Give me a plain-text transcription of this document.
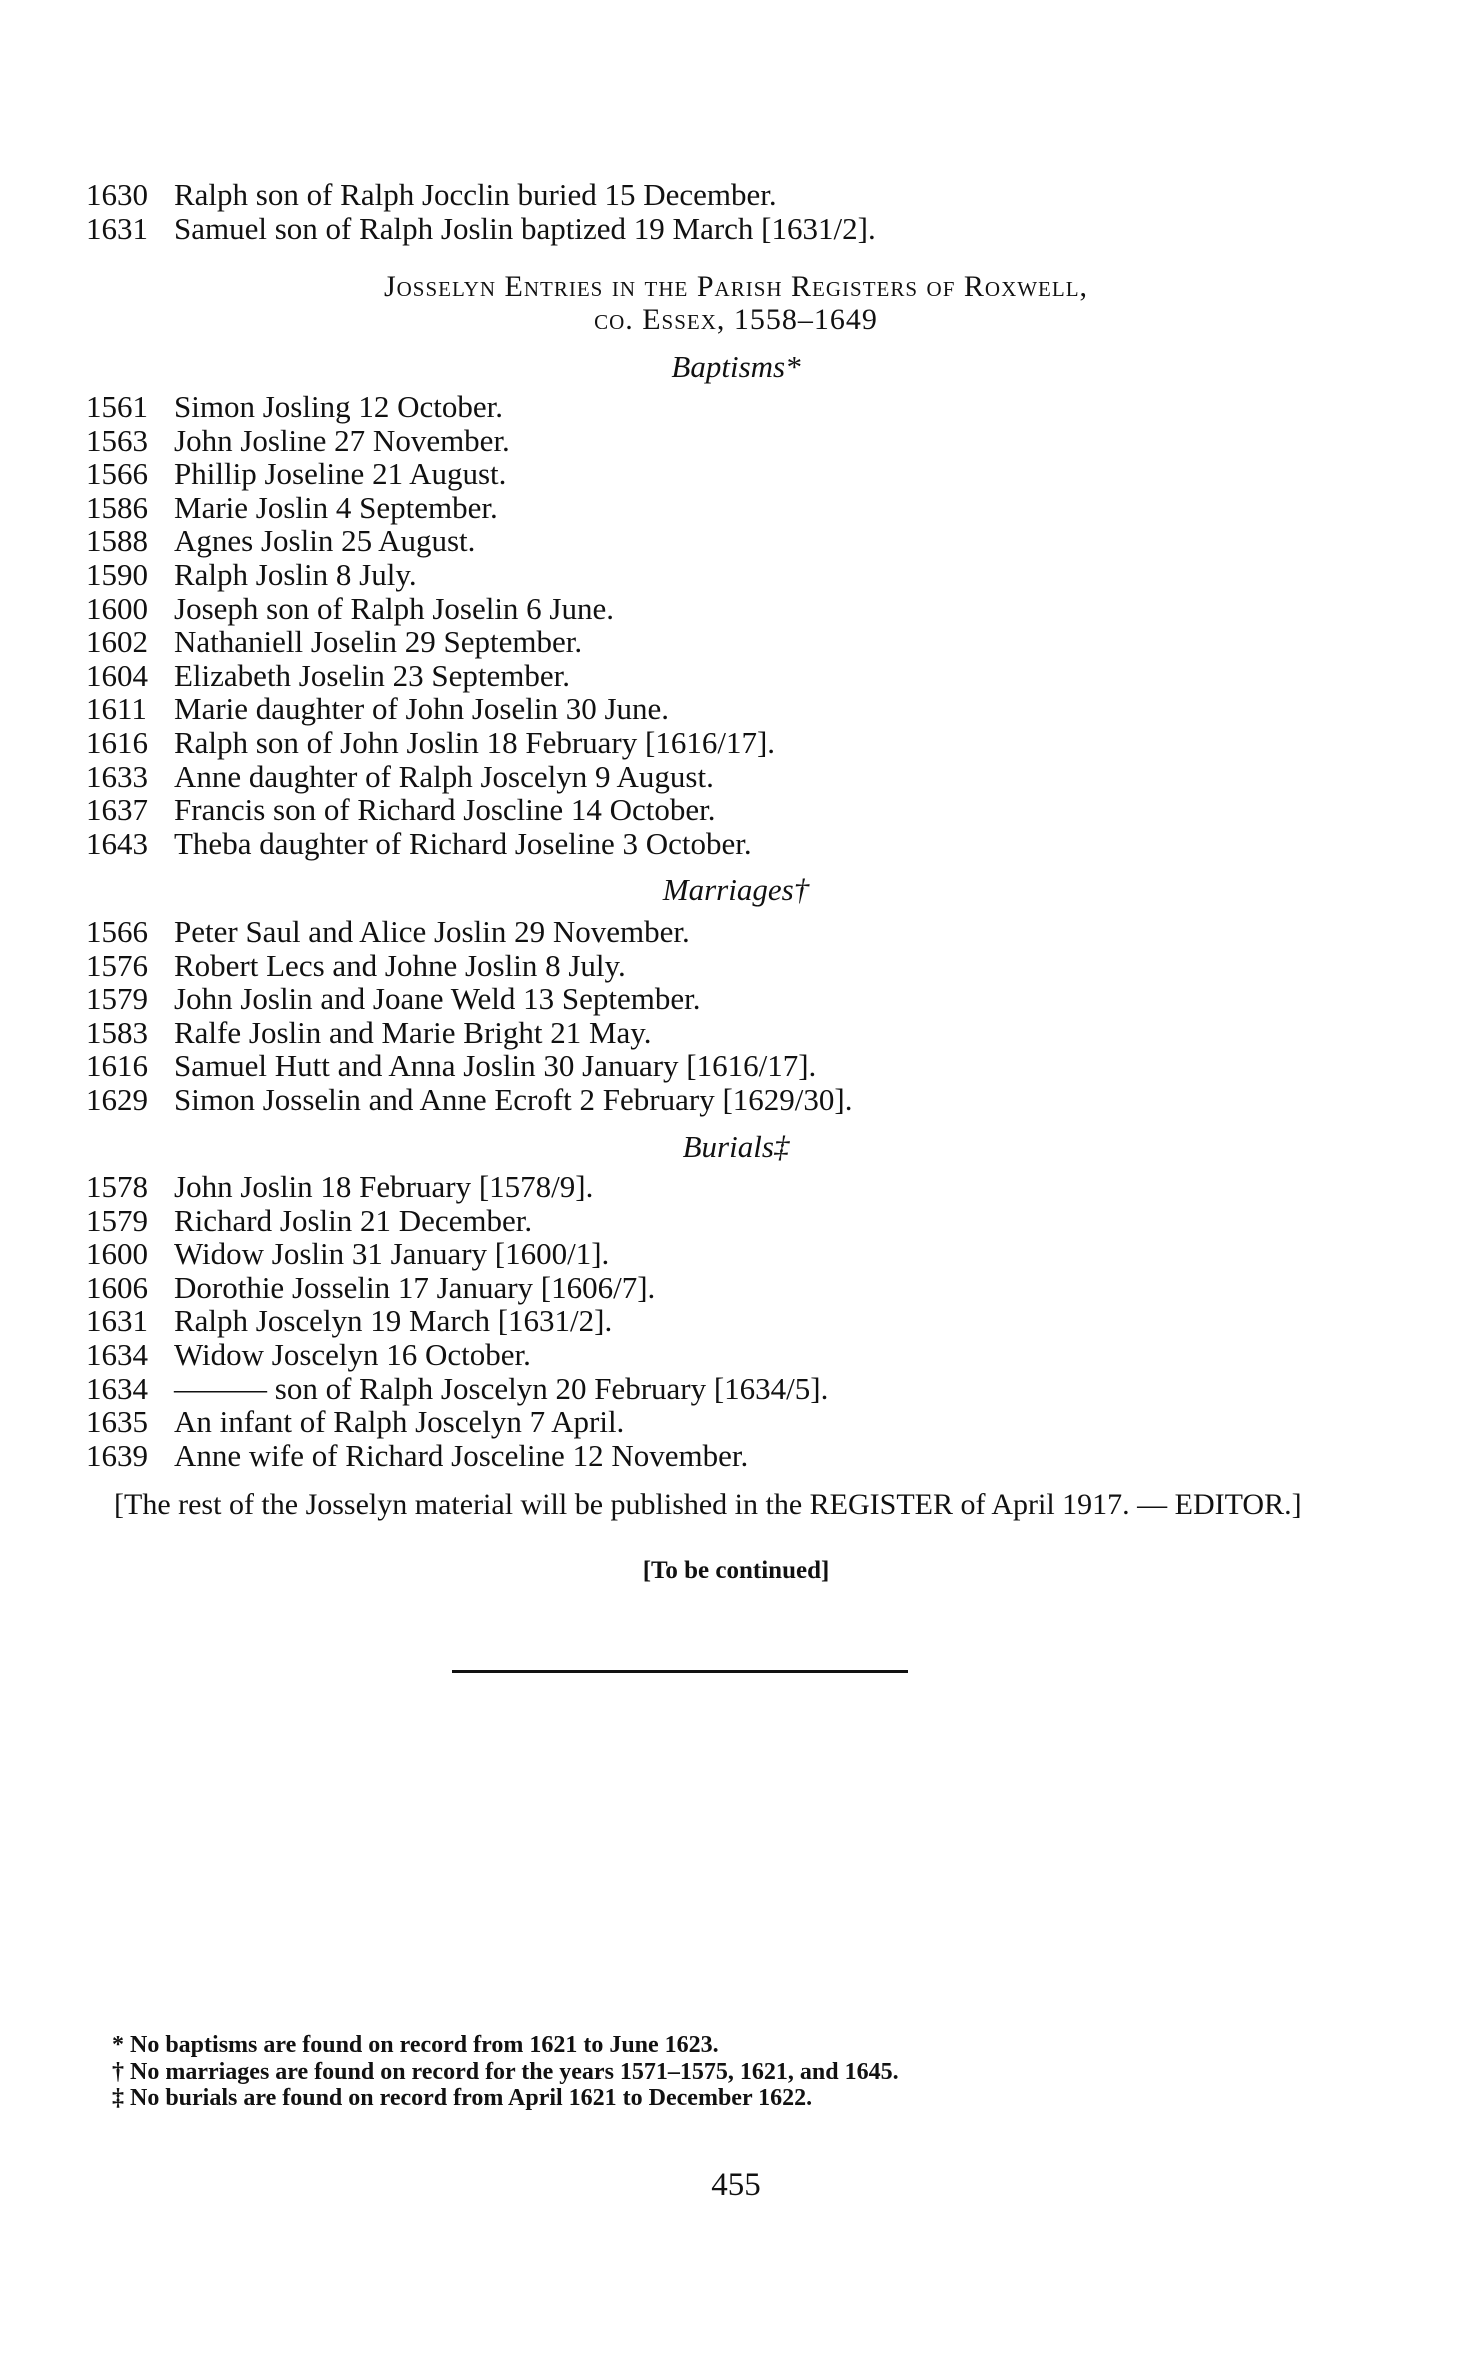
1630 Ralph son of Ralph Jocclin buried 15 December.
1631 Samuel son of Ralph Joslin baptized 19 March [1631/2].
Josselyn Entries in the Parish Registers of Roxwell,
co. Essex, 1558–1649
Baptisms*
1561 Simon Josling 12 October.
1563 John Josline 27 November.
1566 Phillip Joseline 21 August.
1586 Marie Joslin 4 September.
1588 Agnes Joslin 25 August.
1590 Ralph Joslin 8 July.
1600 Joseph son of Ralph Joselin 6 June.
1602 Nathaniell Joselin 29 September.
1604 Elizabeth Joselin 23 September.
1611 Marie daughter of John Joselin 30 June.
1616 Ralph son of John Joslin 18 February [1616/17].
1633 Anne daughter of Ralph Joscelyn 9 August.
1637 Francis son of Richard Joscline 14 October.
1643 Theba daughter of Richard Joseline 3 October.
Marriages†
1566 Peter Saul and Alice Joslin 29 November.
1576 Robert Lecs and Johne Joslin 8 July.
1579 John Joslin and Joane Weld 13 September.
1583 Ralfe Joslin and Marie Bright 21 May.
1616 Samuel Hutt and Anna Joslin 30 January [1616/17].
1629 Simon Josselin and Anne Ecroft 2 February [1629/30].
Burials‡
1578 John Joslin 18 February [1578/9].
1579 Richard Joslin 21 December.
1600 Widow Joslin 31 January [1600/1].
1606 Dorothie Josselin 17 January [1606/7].
1631 Ralph Joscelyn 19 March [1631/2].
1634 Widow Joscelyn 16 October.
1634 ——— son of Ralph Joscelyn 20 February [1634/5].
1635 An infant of Ralph Joscelyn 7 April.
1639 Anne wife of Richard Josceline 12 November.
[The rest of the Josselyn material will be published in the REGISTER of April 1917. — EDITOR.]
[To be continued]
* No baptisms are found on record from 1621 to June 1623.
† No marriages are found on record for the years 1571–1575, 1621, and 1645.
‡ No burials are found on record from April 1621 to December 1622.
455
